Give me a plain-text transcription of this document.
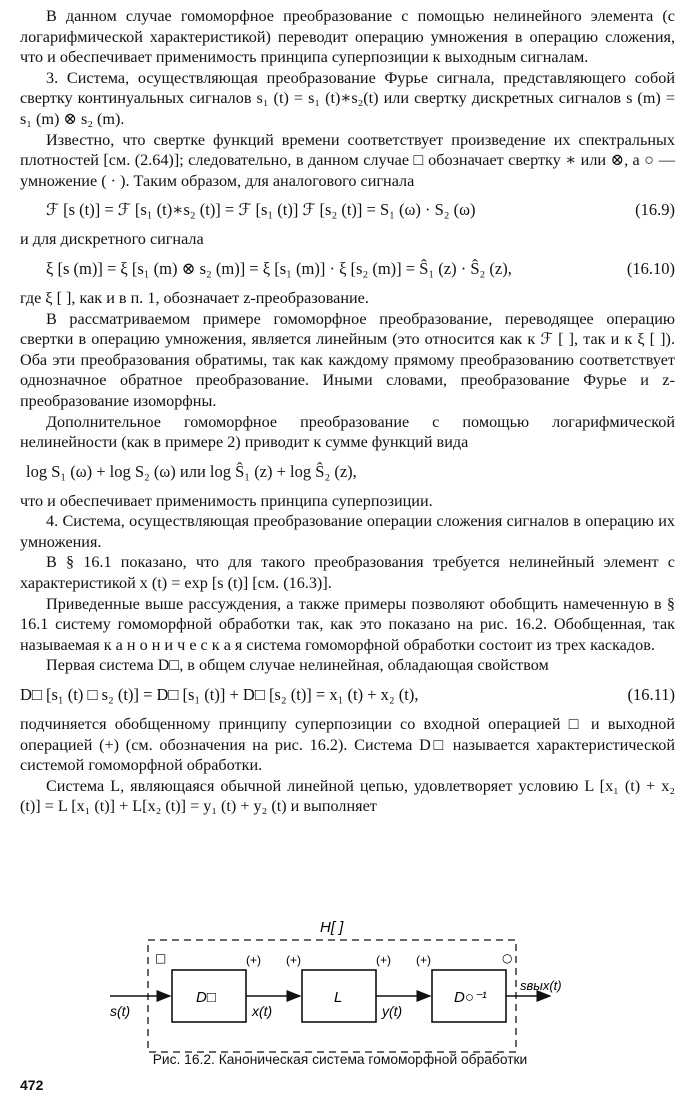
В данном случае гомоморфное преобразование с помощью нелинейного элемента (с логарифмической характеристикой) переводит операцию умножения в операцию сложения, что и обеспечивает применимость принципа суперпозиции к выходным сигналам.

3. Система, осуществляющая преобразование Фурье сигнала, представляющего собой свертку континуальных сигналов s₁ (t) = s₁ (t)∗s₂(t) или свертку дискретных сигналов s (m) = s₁ (m) ⊗ s₂ (m).

Известно, что свертке функций времени соответствует произведение их спектральных плотностей [см. (2.64)]; следовательно, в данном случае □ обозначает свертку ∗ или ⊗, а ○ — умножение ( · ). Таким образом, для аналогового сигнала

ℱ [s (t)] = ℱ [s₁ (t)∗s₂ (t)] = ℱ [s₁ (t)] ℱ [s₂ (t)] = S₁ (ω) · S₂ (ω)	(16.9)

и для дискретного сигнала

ξ [s (m)] = ξ [s₁ (m) ⊗ s₂ (m)] = ξ [s₁ (m)] · ξ [s₂ (m)] = Ŝ₁ (z) · Ŝ₂ (z),	(16.10)

где ξ [ ], как и в п. 1, обозначает z-преобразование.

В рассматриваемом примере гомоморфное преобразование, переводящее операцию свертки в операцию умножения, является линейным (это относится как к ℱ [ ], так и к ξ [ ]). Оба эти преобразования обратимы, так как каждому прямому преобразованию соответствует однозначное обратное преобразование. Иными словами, преобразование Фурье и z-преобразование изоморфны.

Дополнительное гомоморфное преобразование с помощью логарифмической нелинейности (как в примере 2) приводит к сумме функций вида

log S₁ (ω) + log S₂ (ω) или log Ŝ₁ (z) + log Ŝ₂ (z),

что и обеспечивает применимость принципа суперпозиции.

4. Система, осуществляющая преобразование операции сложения сигналов в операцию их умножения.

В § 16.1 показано, что для такого преобразования требуется нелинейный элемент с характеристикой x (t) = exp [s (t)] [см. (16.3)].

Приведенные выше рассуждения, а также примеры позволяют обобщить намеченную в § 16.1 систему гомоморфной обработки так, как это показано на рис. 16.2. Обобщенная, так называемая к а н о н и ч е с к а я система гомоморфной обработки состоит из трех каскадов.

Первая система D□, в общем случае нелинейная, обладающая свойством

D□ [s₁ (t) □ s₂ (t)] = D□ [s₁ (t)] + D□ [s₂ (t)] = x₁ (t) + x₂ (t),	(16.11)

подчиняется обобщенному принципу суперпозиции со входной операцией □ и выходной операцией (+) (см. обозначения на рис. 16.2). Система D□ называется характеристической системой гомоморфной обработки.

Система L, являющаяся обычной линейной цепью, удовлетворяет условию L [x₁ (t) + x₂ (t)] = L [x₁ (t)] + L[x₂ (t)] = y₁ (t) + y₂ (t) и выполняет

H[ ]
□	○
D□	L	D○⁻¹
s(t)	x(t)	y(t)
sвых(t)
(+) (+)	(+) (+)
Рис. 16.2. Каноническая система гомоморфной обработки
472
